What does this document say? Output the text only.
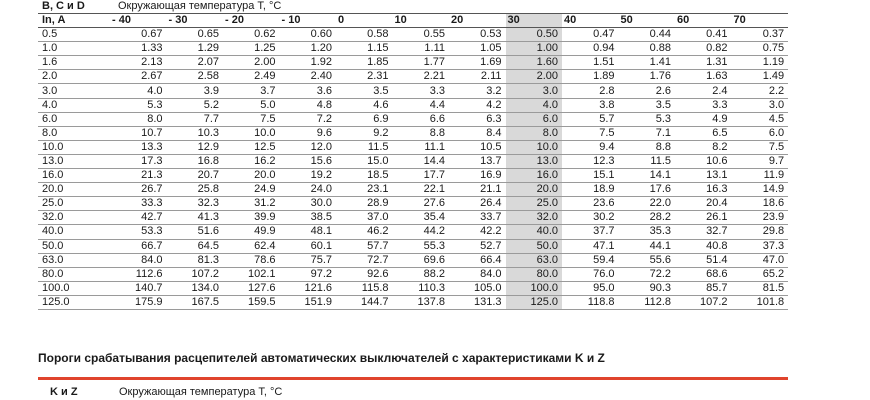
B, C и D	Окружающая температура T, °C											
In, A	- 40	- 30	- 20	- 10	0	10	20	30	40	50	60	70
0.5	0.67	0.65	0.62	0.60	0.58	0.55	0.53	0.50	0.47	0.44	0.41	0.37
1.0	1.33	1.29	1.25	1.20	1.15	1.11	1.05	1.00	0.94	0.88	0.82	0.75
1.6	2.13	2.07	2.00	1.92	1.85	1.77	1.69	1.60	1.51	1.41	1.31	1.19
2.0	2.67	2.58	2.49	2.40	2.31	2.21	2.11	2.00	1.89	1.76	1.63	1.49
3.0	4.0	3.9	3.7	3.6	3.5	3.3	3.2	3.0	2.8	2.6	2.4	2.2
4.0	5.3	5.2	5.0	4.8	4.6	4.4	4.2	4.0	3.8	3.5	3.3	3.0
6.0	8.0	7.7	7.5	7.2	6.9	6.6	6.3	6.0	5.7	5.3	4.9	4.5
8.0	10.7	10.3	10.0	9.6	9.2	8.8	8.4	8.0	7.5	7.1	6.5	6.0
10.0	13.3	12.9	12.5	12.0	11.5	11.1	10.5	10.0	9.4	8.8	8.2	7.5
13.0	17.3	16.8	16.2	15.6	15.0	14.4	13.7	13.0	12.3	11.5	10.6	9.7
16.0	21.3	20.7	20.0	19.2	18.5	17.7	16.9	16.0	15.1	14.1	13.1	11.9
20.0	26.7	25.8	24.9	24.0	23.1	22.1	21.1	20.0	18.9	17.6	16.3	14.9
25.0	33.3	32.3	31.2	30.0	28.9	27.6	26.4	25.0	23.6	22.0	20.4	18.6
32.0	42.7	41.3	39.9	38.5	37.0	35.4	33.7	32.0	30.2	28.2	26.1	23.9
40.0	53.3	51.6	49.9	48.1	46.2	44.2	42.2	40.0	37.7	35.3	32.7	29.8
50.0	66.7	64.5	62.4	60.1	57.7	55.3	52.7	50.0	47.1	44.1	40.8	37.3
63.0	84.0	81.3	78.6	75.7	72.7	69.6	66.4	63.0	59.4	55.6	51.4	47.0
80.0	112.6	107.2	102.1	97.2	92.6	88.2	84.0	80.0	76.0	72.2	68.6	65.2
100.0	140.7	134.0	127.6	121.6	115.8	110.3	105.0	100.0	95.0	90.3	85.7	81.5
125.0	175.9	167.5	159.5	151.9	144.7	137.8	131.3	125.0	118.8	112.8	107.2	101.8
Пороги срабатывания расцепителей автоматических выключателей с характеристиками K и Z
K и Z	Окружающая температура T, °C
